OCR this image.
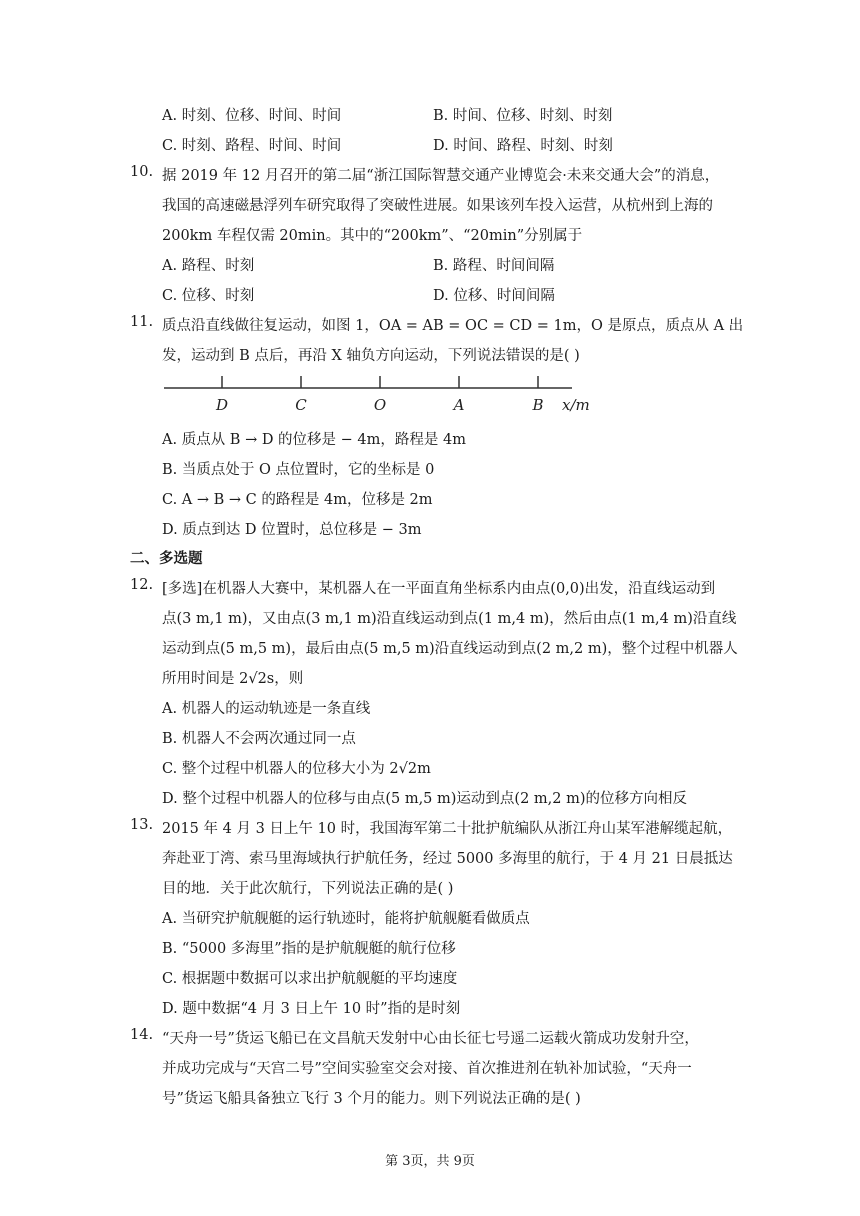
A. 时刻、位移、时间、时间	B. 时间、位移、时刻、时刻
C. 时刻、路程、时间、时间	D. 时间、路程、时刻、时刻
10. 据 2019 年 12 月召开的第二届“浙江国际智慧交通产业博览会·未来交通大会”的消息，
我国的高速磁悬浮列车研究取得了突破性进展。如果该列车投入运营，从杭州到上海的
200km 车程仅需 20min。其中的“200km”、“20min”分别属于
A. 路程、时刻	B. 路程、时间间隔
C. 位移、时刻	D. 位移、时间间隔
11. 质点沿直线做往复运动，如图 1，OA = AB = OC = CD = 1m，O 是原点，质点从 A 出
发，运动到 B 点后，再沿 X 轴负方向运动，下列说法错误的是( )
D	C	O	A	B x/m
A. 质点从 B → D 的位移是 − 4m，路程是 4m
B. 当质点处于 O 点位置时，它的坐标是 0
C. A → B → C 的路程是 4m，位移是 2m
D. 质点到达 D 位置时，总位移是 − 3m
二、多选题
12. [多选]在机器人大赛中，某机器人在一平面直角坐标系内由点(0,0)出发，沿直线运动到
点(3 m,1 m)，又由点(3 m,1 m)沿直线运动到点(1 m,4 m)，然后由点(1 m,4 m)沿直线
运动到点(5 m,5 m)，最后由点(5 m,5 m)沿直线运动到点(2 m,2 m)，整个过程中机器人
所用时间是 2√2s，则
A. 机器人的运动轨迹是一条直线
B. 机器人不会两次通过同一点
C. 整个过程中机器人的位移大小为 2√2m
D. 整个过程中机器人的位移与由点(5 m,5 m)运动到点(2 m,2 m)的位移方向相反
13. 2015 年 4 月 3 日上午 10 时，我国海军第二十批护航编队从浙江舟山某军港解缆起航，
奔赴亚丁湾、索马里海域执行护航任务，经过 5000 多海里的航行，于 4 月 21 日晨抵达
目的地．关于此次航行，下列说法正确的是( )
A. 当研究护航舰艇的运行轨迹时，能将护航舰艇看做质点
B. “5000 多海里”指的是护航舰艇的航行位移
C. 根据题中数据可以求出护航舰艇的平均速度
D. 题中数据“4 月 3 日上午 10 时”指的是时刻
14. “天舟一号”货运飞船已在文昌航天发射中心由长征七号遥二运载火箭成功发射升空，
并成功完成与“天宫二号”空间实验室交会对接、首次推进剂在轨补加试验，“天舟一
号”货运飞船具备独立飞行 3 个月的能力。则下列说法正确的是( )
第 3页，共 9页
